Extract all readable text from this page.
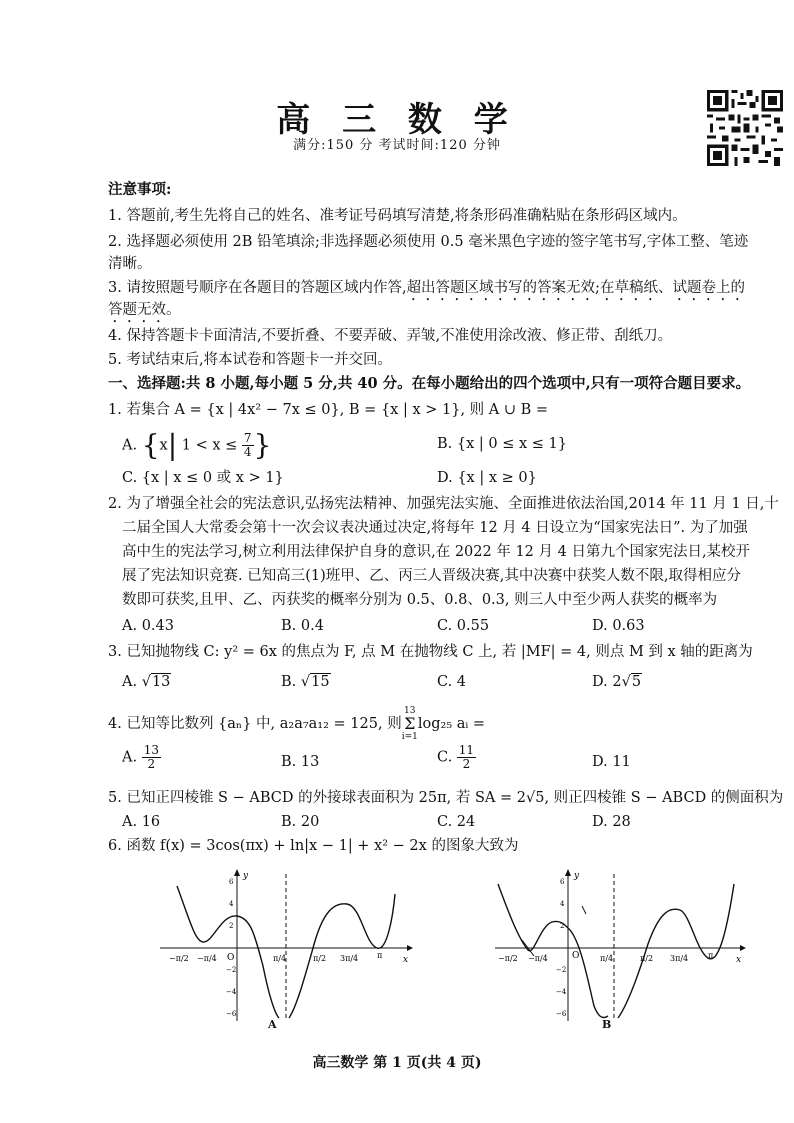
高 三 数 学
满分:150 分 考试时间:120 分钟
注意事项:
1. 答题前,考生先将自己的姓名、准考证号码填写清楚,将条形码准确粘贴在条形码区域内。
2. 选择题必须使用 2B 铅笔填涂;非选择题必须使用 0.5 毫米黑色字迹的签字笔书写,字体工整、笔迹
清晰。
3. 请按照题号顺序在各题目的答题区域内作答,超出答题区域书写的答案无效;在草稿纸、试题卷上的
答题无效。
4. 保持答题卡卡面清洁,不要折叠、不要弄破、弄皱,不准使用涂改液、修正带、刮纸刀。
5. 考试结束后,将本试卷和答题卡一并交回。
一、选择题:共 8 小题,每小题 5 分,共 40 分。在每小题给出的四个选项中,只有一项符合题目要求。
1. 若集合 A = {x | 4x² − 7x ≤ 0}, B = {x | x > 1}, 则 A ∪ B =
A. {x| $1 < x \le \frac{7}{4}$ }	B. {x | 0 ≤ x ≤ 1}
C. {x | x ≤ 0 或 x > 1}	D. {x | x ≥ 0}
2. 为了增强全社会的宪法意识,弘扬宪法精神、加强宪法实施、全面推进依法治国,2014 年 11 月 1 日,十
二届全国人大常委会第十一次会议表决通过决定,将每年 12 月 4 日设立为“国家宪法日”. 为了加强
高中生的宪法学习,树立利用法律保护自身的意识,在 2022 年 12 月 4 日第九个国家宪法日,某校开
展了宪法知识竞赛. 已知高三(1)班甲、乙、丙三人晋级决赛,其中决赛中获奖人数不限,取得相应分
数即可获奖,且甲、乙、丙获奖的概率分别为 0.5、0.8、0.3, 则三人中至少两人获奖的概率为
A. 0.43	B. 0.4	C. 0.55	D. 0.63
3. 已知抛物线 C: y² = 6x 的焦点为 F, 点 M 在抛物线 C 上, 若 |MF| = 4, 则点 M 到 x 轴的距离为
A. √13	B. √15	C. 4	D. 2√5
4. 已知等比数列 {aₙ} 中, a₂a₇a₁₂ = 125, 则13
Σ
i=1log₂₅ aᵢ =
A. $\frac{13}{2}$	B. 13	C. $\frac{11}{2}$	D. 11
5. 已知正四棱锥 S − ABCD 的外接球表面积为 25π, 若 SA = 2√5, 则正四棱锥 S − ABCD 的侧面积为
A. 16	B. 20	C. 24	D. 28
6. 函数 f(x) = 3cos(πx) + ln|x − 1| + x² − 2x 的图象大致为
−π/2 −π/4 O	π/4	π/2 3π/4 π x
y
6
4
2
−2
−4
−6
A
−π/2 −π/4	O	π/4	π/2 3π/4 π	x
y
6
4
2
−2
−4
−6
B
高三数学 第 1 页(共 4 页)
